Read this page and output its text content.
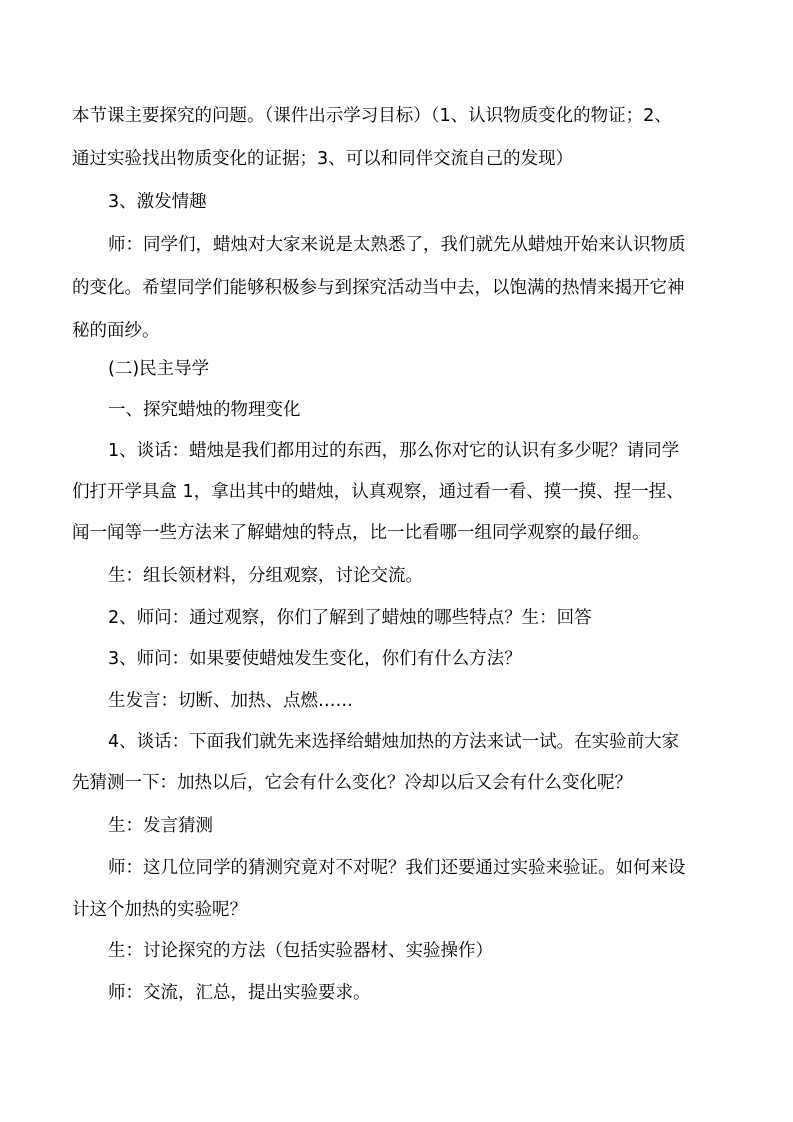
本节课主要探究的问题。（课件出示学习目标）（1、认识物质变化的物证；2、
通过实验找出物质变化的证据；3、可以和同伴交流自己的发现）
3、激发情趣
师：同学们，蜡烛对大家来说是太熟悉了，我们就先从蜡烛开始来认识物质
的变化。希望同学们能够积极参与到探究活动当中去，以饱满的热情来揭开它神
秘的面纱。
(二)民主导学
一、探究蜡烛的物理变化
1、谈话：蜡烛是我们都用过的东西，那么你对它的认识有多少呢？请同学
们打开学具盒 1，拿出其中的蜡烛，认真观察，通过看一看、摸一摸、捏一捏、
闻一闻等一些方法来了解蜡烛的特点，比一比看哪一组同学观察的最仔细。
生：组长领材料，分组观察，讨论交流。
2、师问：通过观察，你们了解到了蜡烛的哪些特点？生：回答
3、师问：如果要使蜡烛发生变化，你们有什么方法？
生发言：切断、加热、点燃……
4、谈话：下面我们就先来选择给蜡烛加热的方法来试一试。在实验前大家
先猜测一下：加热以后，它会有什么变化？冷却以后又会有什么变化呢？
生：发言猜测
师：这几位同学的猜测究竟对不对呢？我们还要通过实验来验证。如何来设
计这个加热的实验呢？
生：讨论探究的方法（包括实验器材、实验操作）
师：交流，汇总，提出实验要求。
